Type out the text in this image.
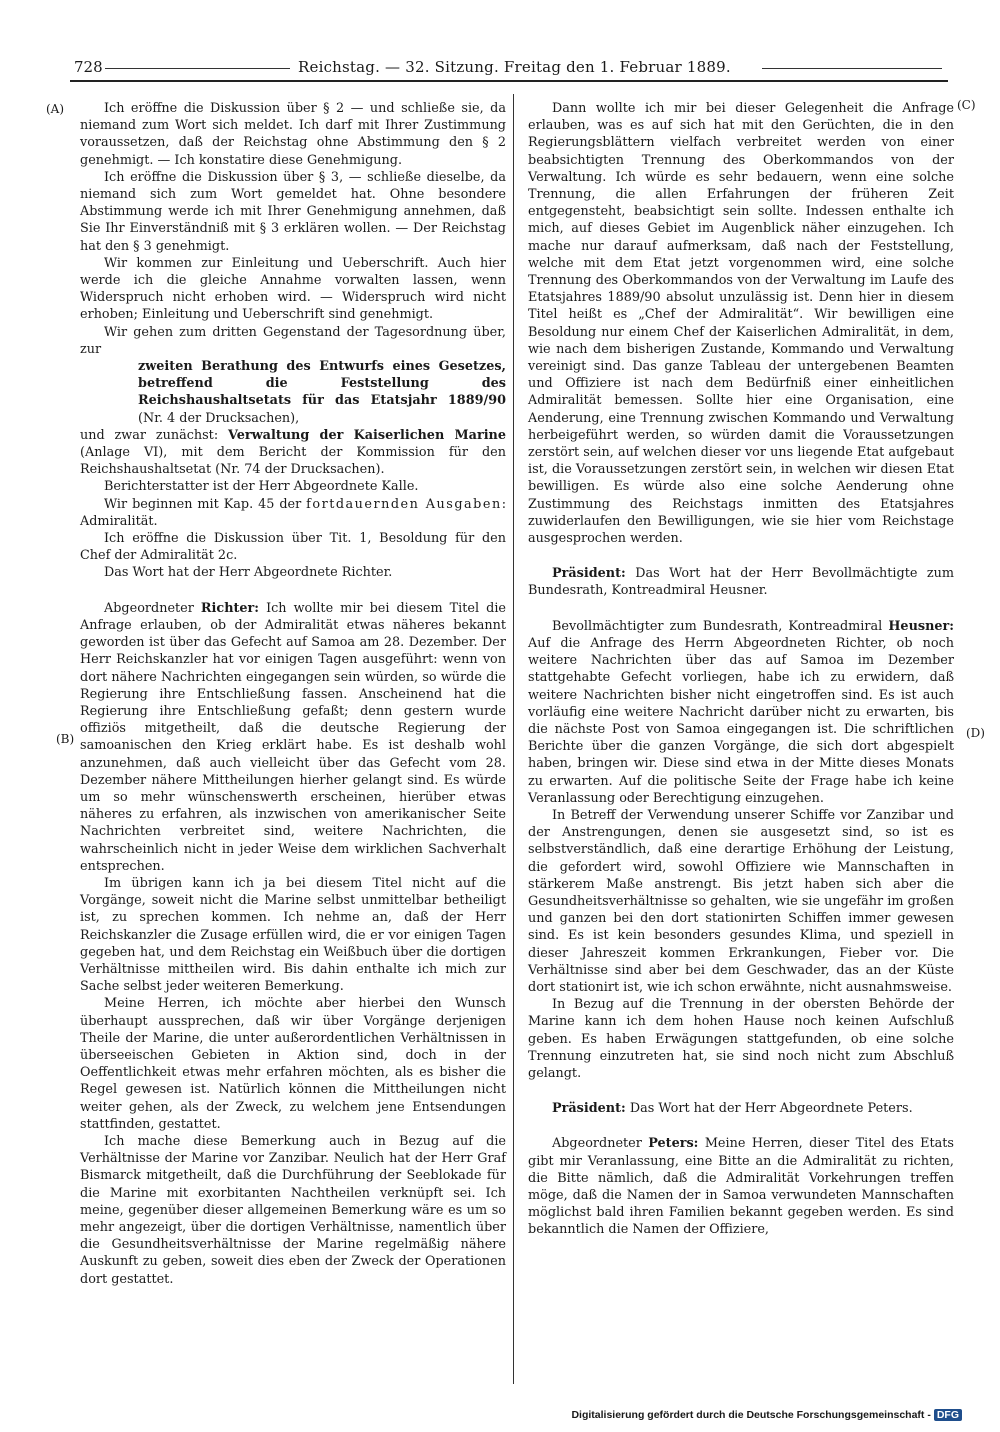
728	Reichstag. — 32. Sitzung. Freitag den 1. Februar 1889.
(A)
(B)
(C)
(D)

Ich eröffne die Diskussion über § 2 — und schließe sie, da niemand zum Wort sich meldet. Ich darf mit Ihrer Zustimmung voraussetzen, daß der Reichstag ohne Abstimmung den § 2 genehmigt. — Ich konstatire diese Genehmigung.

Ich eröffne die Diskussion über § 3, — schließe dieselbe, da niemand sich zum Wort gemeldet hat. Ohne besondere Abstimmung werde ich mit Ihrer Genehmigung annehmen, daß Sie Ihr Einverständniß mit § 3 erklären wollen. — Der Reichstag hat den § 3 genehmigt.

Wir kommen zur Einleitung und Ueberschrift. Auch hier werde ich die gleiche Annahme vorwalten lassen, wenn Widerspruch nicht erhoben wird. — Widerspruch wird nicht erhoben; Einleitung und Ueberschrift sind genehmigt.

Wir gehen zum dritten Gegenstand der Tagesordnung über, zur

zweiten Berathung des Entwurfs eines Gesetzes, betreffend die Feststellung des Reichshaushaltsetats für das Etatsjahr 1889/90 (Nr. 4 der Drucksachen),

und zwar zunächst: Verwaltung der Kaiserlichen Marine (Anlage VI), mit dem Bericht der Kommission für den Reichshaushaltsetat (Nr. 74 der Drucksachen).

Berichterstatter ist der Herr Abgeordnete Kalle.

Wir beginnen mit Kap. 45 der fortdauernden Ausgaben: Admiralität.

Ich eröffne die Diskussion über Tit. 1, Besoldung für den Chef der Admiralität 2c.

Das Wort hat der Herr Abgeordnete Richter.

Abgeordneter Richter: Ich wollte mir bei diesem Titel die Anfrage erlauben, ob der Admiralität etwas näheres bekannt geworden ist über das Gefecht auf Samoa am 28. Dezember. Der Herr Reichskanzler hat vor einigen Tagen ausgeführt: wenn von dort nähere Nachrichten eingegangen sein würden, so würde die Regierung ihre Entschließung fassen. Anscheinend hat die Regierung ihre Entschließung gefaßt; denn gestern wurde offiziös mitgetheilt, daß die deutsche Regierung der samoanischen den Krieg erklärt habe. Es ist deshalb wohl anzunehmen, daß auch vielleicht über das Gefecht vom 28. Dezember nähere Mittheilungen hierher gelangt sind. Es würde um so mehr wünschenswerth erscheinen, hierüber etwas näheres zu erfahren, als inzwischen von amerikanischer Seite Nachrichten verbreitet sind, weitere Nachrichten, die wahrscheinlich nicht in jeder Weise dem wirklichen Sachverhalt entsprechen.

Im übrigen kann ich ja bei diesem Titel nicht auf die Vorgänge, soweit nicht die Marine selbst unmittelbar betheiligt ist, zu sprechen kommen. Ich nehme an, daß der Herr Reichskanzler die Zusage erfüllen wird, die er vor einigen Tagen gegeben hat, und dem Reichstag ein Weißbuch über die dortigen Verhältnisse mittheilen wird. Bis dahin enthalte ich mich zur Sache selbst jeder weiteren Bemerkung.

Meine Herren, ich möchte aber hierbei den Wunsch überhaupt aussprechen, daß wir über Vorgänge derjenigen Theile der Marine, die unter außerordentlichen Verhältnissen in überseeischen Gebieten in Aktion sind, doch in der Oeffentlichkeit etwas mehr erfahren möchten, als es bisher die Regel gewesen ist. Natürlich können die Mittheilungen nicht weiter gehen, als der Zweck, zu welchem jene Entsendungen stattfinden, gestattet.

Ich mache diese Bemerkung auch in Bezug auf die Verhältnisse der Marine vor Zanzibar. Neulich hat der Herr Graf Bismarck mitgetheilt, daß die Durchführung der Seeblokade für die Marine mit exorbitanten Nachtheilen verknüpft sei. Ich meine, gegenüber dieser allgemeinen Bemerkung wäre es um so mehr angezeigt, über die dortigen Verhältnisse, namentlich über die Gesundheitsverhältnisse der Marine regelmäßig nähere Auskunft zu geben, soweit dies eben der Zweck der Operationen dort gestattet.

Dann wollte ich mir bei dieser Gelegenheit die Anfrage erlauben, was es auf sich hat mit den Gerüchten, die in den Regierungsblättern vielfach verbreitet werden von einer beabsichtigten Trennung des Oberkommandos von der Verwaltung. Ich würde es sehr bedauern, wenn eine solche Trennung, die allen Erfahrungen der früheren Zeit entgegensteht, beabsichtigt sein sollte. Indessen enthalte ich mich, auf dieses Gebiet im Augenblick näher einzugehen. Ich mache nur darauf aufmerksam, daß nach der Feststellung, welche mit dem Etat jetzt vorgenommen wird, eine solche Trennung des Oberkommandos von der Verwaltung im Laufe des Etatsjahres 1889/90 absolut unzulässig ist. Denn hier in diesem Titel heißt es „Chef der Admiralität“. Wir bewilligen eine Besoldung nur einem Chef der Kaiserlichen Admiralität, in dem, wie nach dem bisherigen Zustande, Kommando und Verwaltung vereinigt sind. Das ganze Tableau der untergebenen Beamten und Offiziere ist nach dem Bedürfniß einer einheitlichen Admiralität bemessen. Sollte hier eine Organisation, eine Aenderung, eine Trennung zwischen Kommando und Verwaltung herbeigeführt werden, so würden damit die Voraussetzungen zerstört sein, auf welchen dieser vor uns liegende Etat aufgebaut ist, die Voraussetzungen zerstört sein, in welchen wir diesen Etat bewilligen. Es würde also eine solche Aenderung ohne Zustimmung des Reichstags inmitten des Etatsjahres zuwiderlaufen den Bewilligungen, wie sie hier vom Reichstage ausgesprochen werden.

Präsident: Das Wort hat der Herr Bevollmächtigte zum Bundesrath, Kontreadmiral Heusner.

Bevollmächtigter zum Bundesrath, Kontreadmiral Heusner: Auf die Anfrage des Herrn Abgeordneten Richter, ob noch weitere Nachrichten über das auf Samoa im Dezember stattgehabte Gefecht vorliegen, habe ich zu erwidern, daß weitere Nachrichten bisher nicht eingetroffen sind. Es ist auch vorläufig eine weitere Nachricht darüber nicht zu erwarten, bis die nächste Post von Samoa eingegangen ist. Die schriftlichen Berichte über die ganzen Vorgänge, die sich dort abgespielt haben, bringen wir. Diese sind etwa in der Mitte dieses Monats zu erwarten. Auf die politische Seite der Frage habe ich keine Veranlassung oder Berechtigung einzugehen.

In Betreff der Verwendung unserer Schiffe vor Zanzibar und der Anstrengungen, denen sie ausgesetzt sind, so ist es selbstverständlich, daß eine derartige Erhöhung der Leistung, die gefordert wird, sowohl Offiziere wie Mannschaften in stärkerem Maße anstrengt. Bis jetzt haben sich aber die Gesundheitsverhältnisse so gehalten, wie sie ungefähr im großen und ganzen bei den dort stationirten Schiffen immer gewesen sind. Es ist kein besonders gesundes Klima, und speziell in dieser Jahreszeit kommen Erkrankungen, Fieber vor. Die Verhältnisse sind aber bei dem Geschwader, das an der Küste dort stationirt ist, wie ich schon erwähnte, nicht ausnahmsweise.

In Bezug auf die Trennung in der obersten Behörde der Marine kann ich dem hohen Hause noch keinen Aufschluß geben. Es haben Erwägungen stattgefunden, ob eine solche Trennung einzutreten hat, sie sind noch nicht zum Abschluß gelangt.

Präsident: Das Wort hat der Herr Abgeordnete Peters.

Abgeordneter Peters: Meine Herren, dieser Titel des Etats gibt mir Veranlassung, eine Bitte an die Admiralität zu richten, die Bitte nämlich, daß die Admiralität Vorkehrungen treffen möge, daß die Namen der in Samoa verwundeten Mannschaften möglichst bald ihren Familien bekannt gegeben werden. Es sind bekanntlich die Namen der Offiziere,

Digitalisierung gefördert durch die Deutsche Forschungsgemeinschaft - DFG
